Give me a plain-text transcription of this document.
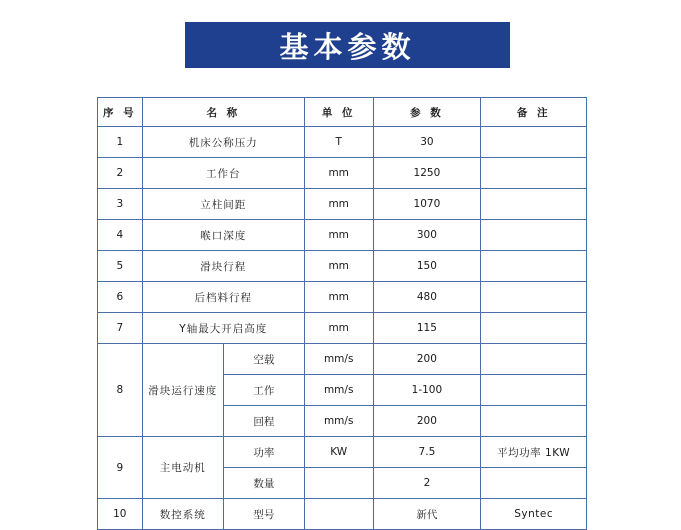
基本参数
序 号	名 称		单 位	参 数	备 注
1	机床公称压力		T	30	
2	工作台		mm	1250	
3	立柱间距		mm	1070	
4	喉口深度		mm	300	
5	滑块行程		mm	150	
6	后档料行程		mm	480	
7	Y轴最大开启高度		mm	115	
8	滑块运行速度	空载	mm/s	200	
		工作	mm/s	1-100	
		回程	mm/s	200	
9	主电动机	功率	KW	7.5	平均功率 1KW
		数量		2	
10	数控系统	型号		新代	Syntec
